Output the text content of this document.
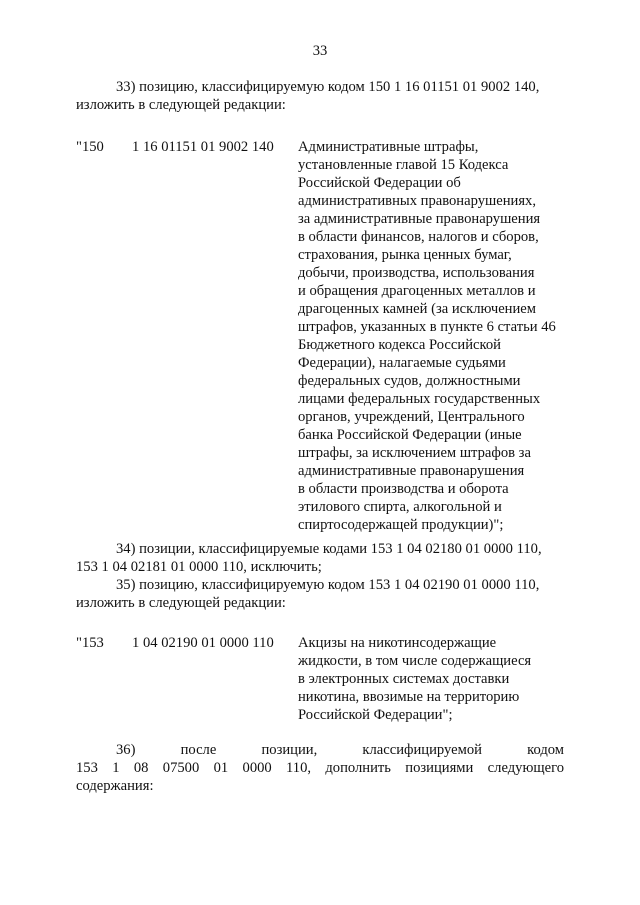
33

33) позицию, классифицируемую кодом 150 1 16 01151 01 9002 140, изложить в следующей редакции:

"150 1 16 01151 01 9002 140 Административные штрафы,
установленные главой 15 Кодекса
Российской Федерации об
административных правонарушениях,
за административные правонарушения
в области финансов, налогов и сборов,
страхования, рынка ценных бумаг,
добычи, производства, использования
и обращения драгоценных металлов и
драгоценных камней (за исключением
штрафов, указанных в пункте 6 статьи 46
Бюджетного кодекса Российской
Федерации), налагаемые судьями
федеральных судов, должностными
лицами федеральных государственных
органов, учреждений, Центрального
банка Российской Федерации (иные
штрафы, за исключением штрафов за
административные правонарушения
в области производства и оборота
этилового спирта, алкогольной и
спиртосодержащей продукции)";

34) позиции, классифицируемые кодами 153 1 04 02180 01 0000 110, 153 1 04 02181 01 0000 110, исключить;

35) позицию, классифицируемую кодом 153 1 04 02190 01 0000 110, изложить в следующей редакции:

"153 1 04 02190 01 0000 110 Акцизы на никотинсодержащие
жидкости, в том числе содержащиеся
в электронных системах доставки
никотина, ввозимые на территорию
Российской Федерации";
36) после позиции, классифицируемой кодом
153 1 08 07500 01 0000 110, дополнить позициями следующего
содержания:
